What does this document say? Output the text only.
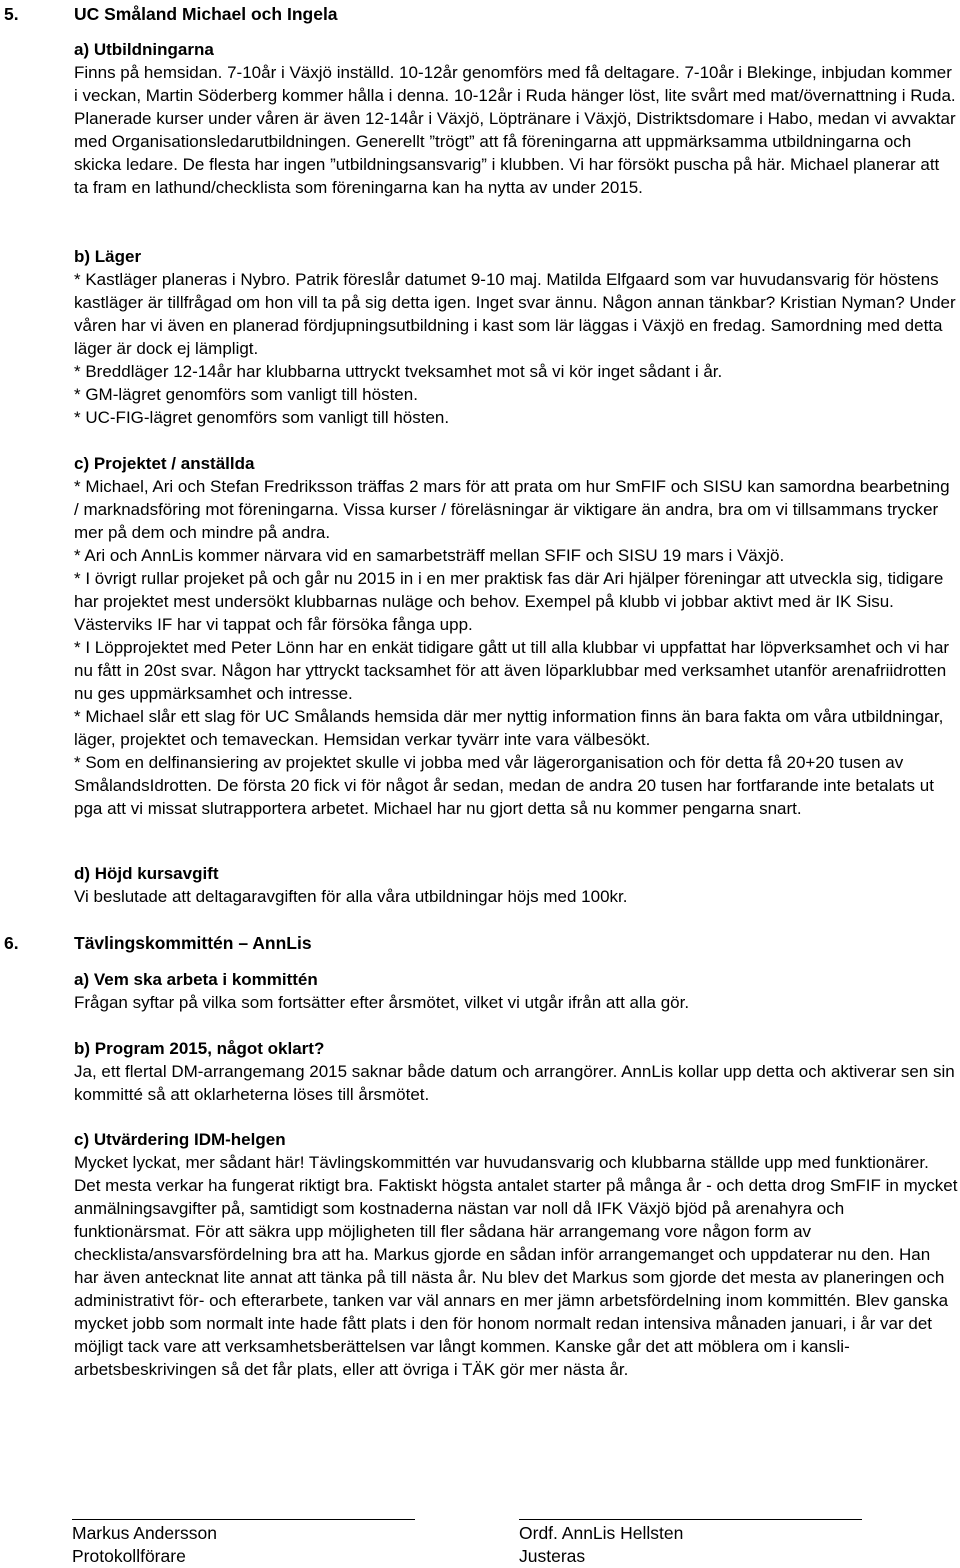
5.	UC Småland Michael och Ingela

a) Utbildningarna

Finns på hemsidan. 7-10år i Växjö inställd. 10-12år genomförs med få deltagare. 7-10år i Blekinge, inbjudan kommer i veckan, Martin Söderberg kommer hålla i denna. 10-12år i Ruda hänger löst, lite svårt med mat/övernattning i Ruda. Planerade kurser under våren är även 12-14år i Växjö, Löptränare i Växjö, Distriktsdomare i Habo, medan vi avvaktar med Organisationsledarutbildningen. Generellt ”trögt” att få föreningarna att uppmärksamma utbildningarna och skicka ledare. De flesta har ingen ”utbildningsansvarig” i klubben. Vi har försökt puscha på här. Michael planerar att ta fram en lathund/checklista som föreningarna kan ha nytta av under 2015.

b) Läger

* Kastläger planeras i Nybro. Patrik föreslår datumet 9-10 maj. Matilda Elfgaard som var huvudansvarig för höstens kastläger är tillfrågad om hon vill ta på sig detta igen. Inget svar ännu. Någon annan tänkbar? Kristian Nyman? Under våren har vi även en planerad fördjupningsutbildning i kast som lär läggas i Växjö en fredag. Samordning med detta läger är dock ej lämpligt.

* Breddläger 12-14år har klubbarna uttryckt tveksamhet mot så vi kör inget sådant i år.

* GM-lägret genomförs som vanligt till hösten.

* UC-FIG-lägret genomförs som vanligt till hösten.

c) Projektet / anställda

* Michael, Ari och Stefan Fredriksson träffas 2 mars för att prata om hur SmFIF och SISU kan samordna bearbetning / marknadsföring mot föreningarna. Vissa kurser / föreläsningar är viktigare än andra, bra om vi tillsammans trycker mer på dem och mindre på andra.

* Ari och AnnLis kommer närvara vid en samarbetsträff mellan SFIF och SISU 19 mars i Växjö.

* I övrigt rullar projeket på och går nu 2015 in i en mer praktisk fas där Ari hjälper föreningar att utveckla sig, tidigare har projektet mest undersökt klubbarnas nuläge och behov. Exempel på klubb vi jobbar aktivt med är IK Sisu. Västerviks IF har vi tappat och får försöka fånga upp.

* I Löpprojektet med Peter Lönn har en enkät tidigare gått ut till alla klubbar vi uppfattat har löpverksamhet och vi har nu fått in 20st svar. Någon har yttryckt tacksamhet för att även löparklubbar med verksamhet utanför arenafriidrotten nu ges uppmärksamhet och intresse.

* Michael slår ett slag för UC Smålands hemsida där mer nyttig information finns än bara fakta om våra utbildningar, läger, projektet och temaveckan. Hemsidan verkar tyvärr inte vara välbesökt.

* Som en delfinansiering av projektet skulle vi jobba med vår lägerorganisation och för detta få 20+20 tusen av SmålandsIdrotten. De första 20 fick vi för något år sedan, medan de andra 20 tusen har fortfarande inte betalats ut pga att vi missat slutrapportera arbetet. Michael har nu gjort detta så nu kommer pengarna snart.

d) Höjd kursavgift

Vi beslutade att deltagaravgiften för alla våra utbildningar höjs med 100kr.

6.	Tävlingskommittén – AnnLis

a) Vem ska arbeta i kommittén

Frågan syftar på vilka som fortsätter efter årsmötet, vilket vi utgår ifrån att alla gör.

b) Program 2015, något oklart?

Ja, ett flertal DM-arrangemang 2015 saknar både datum och arrangörer. AnnLis kollar upp detta och aktiverar sen sin kommitté så att oklarheterna löses till årsmötet.

c) Utvärdering IDM-helgen

Mycket lyckat, mer sådant här! Tävlingskommittén var huvudansvarig och klubbarna ställde upp med funktionärer. Det mesta verkar ha fungerat riktigt bra. Faktiskt högsta antalet starter på många år - och detta drog SmFIF in mycket anmälningsavgifter på, samtidigt som kostnaderna nästan var noll då IFK Växjö bjöd på arenahyra och funktionärsmat. För att säkra upp möjligheten till fler sådana här arrangemang vore någon form av checklista/ansvarsfördelning bra att ha. Markus gjorde en sådan inför arrangemanget och uppdaterar nu den. Han har även antecknat lite annat att tänka på till nästa år. Nu blev det Markus som gjorde det mesta av planeringen och administrativt för- och efterarbete, tanken var väl annars en mer jämn arbetsfördelning inom kommittén. Blev ganska mycket jobb som normalt inte hade fått plats i den för honom normalt redan intensiva månaden januari, i år var det möjligt tack vare att verksamhetsberättelsen var långt kommen. Kanske går det att möblera om i kansli-arbetsbeskrivingen så det får plats, eller att övriga i TÄK gör mer nästa år.

Markus Andersson
Protokollförare
Ordf. AnnLis Hellsten
Justeras
